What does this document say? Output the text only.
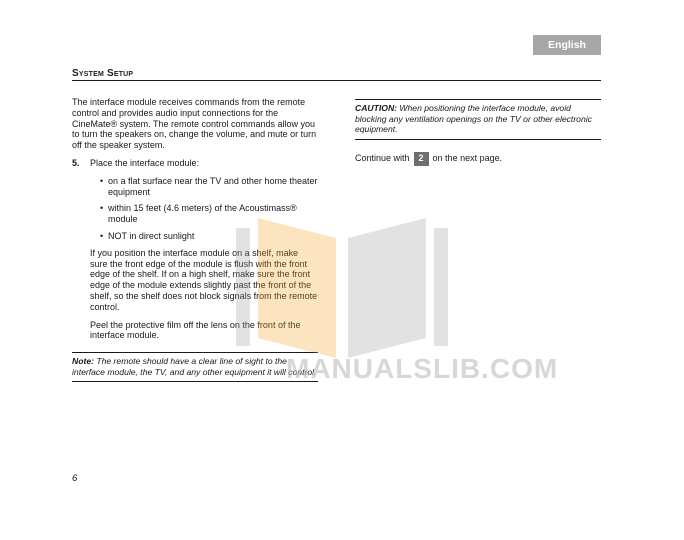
English
System Setup

The interface module receives commands from the remote control and provides audio input connections for the CineMate® system. The remote control commands allow you to turn the speakers on, change the volume, and mute or turn off the speaker system.

5. Place the interface module:

• on a flat surface near the TV and other home theater equipment
• within 15 feet (4.6 meters) of the Acoustimass® module
• NOT in direct sunlight

If you position the interface module on a shelf, make sure the front edge of the module is flush with the front edge of the shelf. If on a high shelf, make sure the front edge of the module extends slightly past the front of the shelf, so the shelf does not block signals from the remote control.

Peel the protective film off the lens on the front of the interface module.

Note: The remote should have a clear line of sight to the interface module, the TV, and any other equipment it will control.
CAUTION: When positioning the interface module, avoid blocking any ventilation openings on the TV or other electronic equipment.
Continue with 2	on the next page.
6
MANUALSLIB.COM
